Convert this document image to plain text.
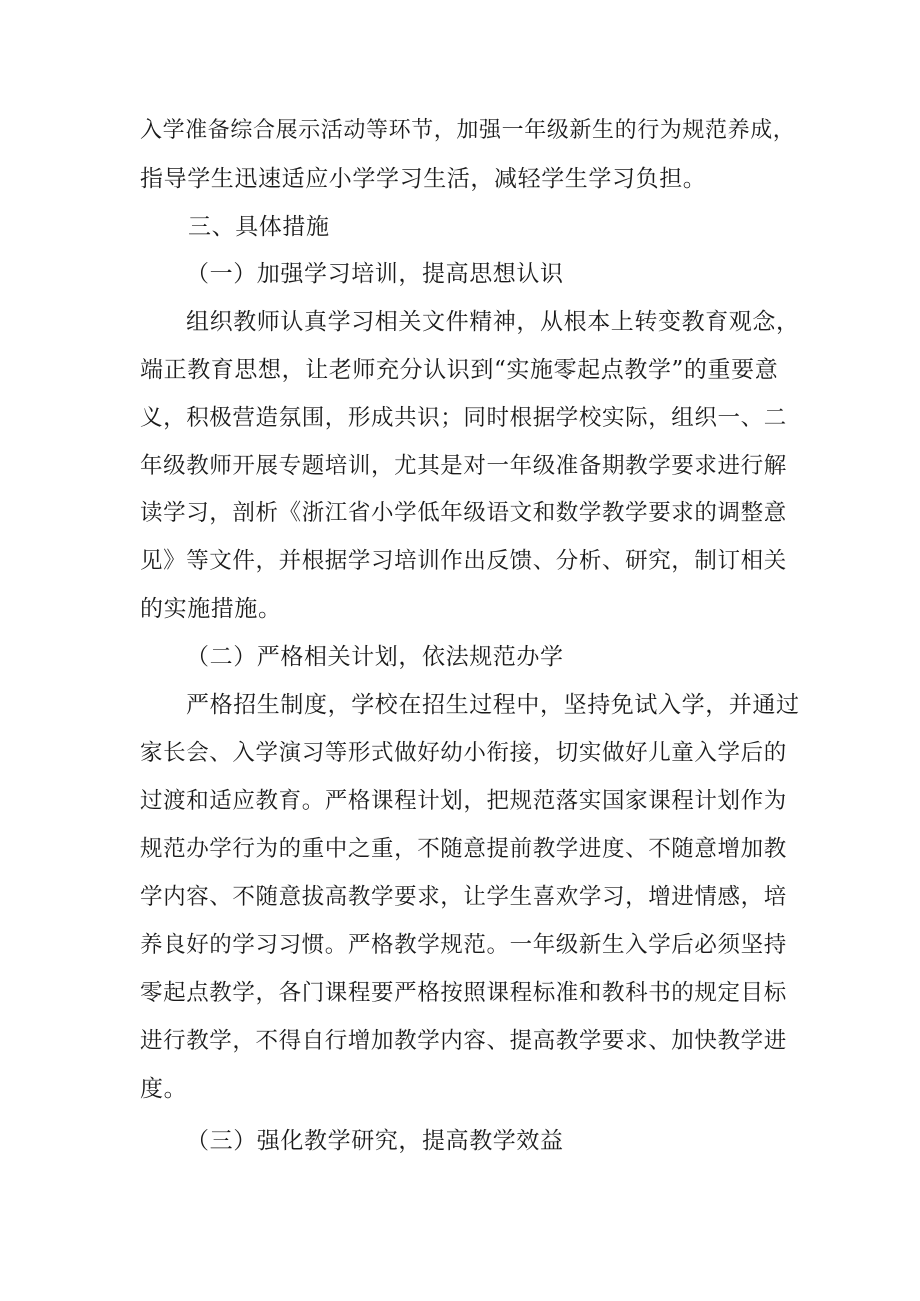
入学准备综合展示活动等环节，加强一年级新生的行为规范养成，
指导学生迅速适应小学学习生活，减轻学生学习负担。
三、具体措施
（一）加强学习培训，提高思想认识
组织教师认真学习相关文件精神，从根本上转变教育观念，
端正教育思想，让老师充分认识到“实施零起点教学”的重要意
义，积极营造氛围，形成共识；同时根据学校实际，组织一、二
年级教师开展专题培训，尤其是对一年级准备期教学要求进行解
读学习，剖析《浙江省小学低年级语文和数学教学要求的调整意
见》等文件，并根据学习培训作出反馈、分析、研究，制订相关
的实施措施。
（二）严格相关计划，依法规范办学
严格招生制度，学校在招生过程中，坚持免试入学，并通过
家长会、入学演习等形式做好幼小衔接，切实做好儿童入学后的
过渡和适应教育。严格课程计划，把规范落实国家课程计划作为
规范办学行为的重中之重，不随意提前教学进度、不随意增加教
学内容、不随意拔高教学要求，让学生喜欢学习，增进情感，培
养良好的学习习惯。严格教学规范。一年级新生入学后必须坚持
零起点教学，各门课程要严格按照课程标准和教科书的规定目标
进行教学，不得自行增加教学内容、提高教学要求、加快教学进
度。
（三）强化教学研究，提高教学效益
